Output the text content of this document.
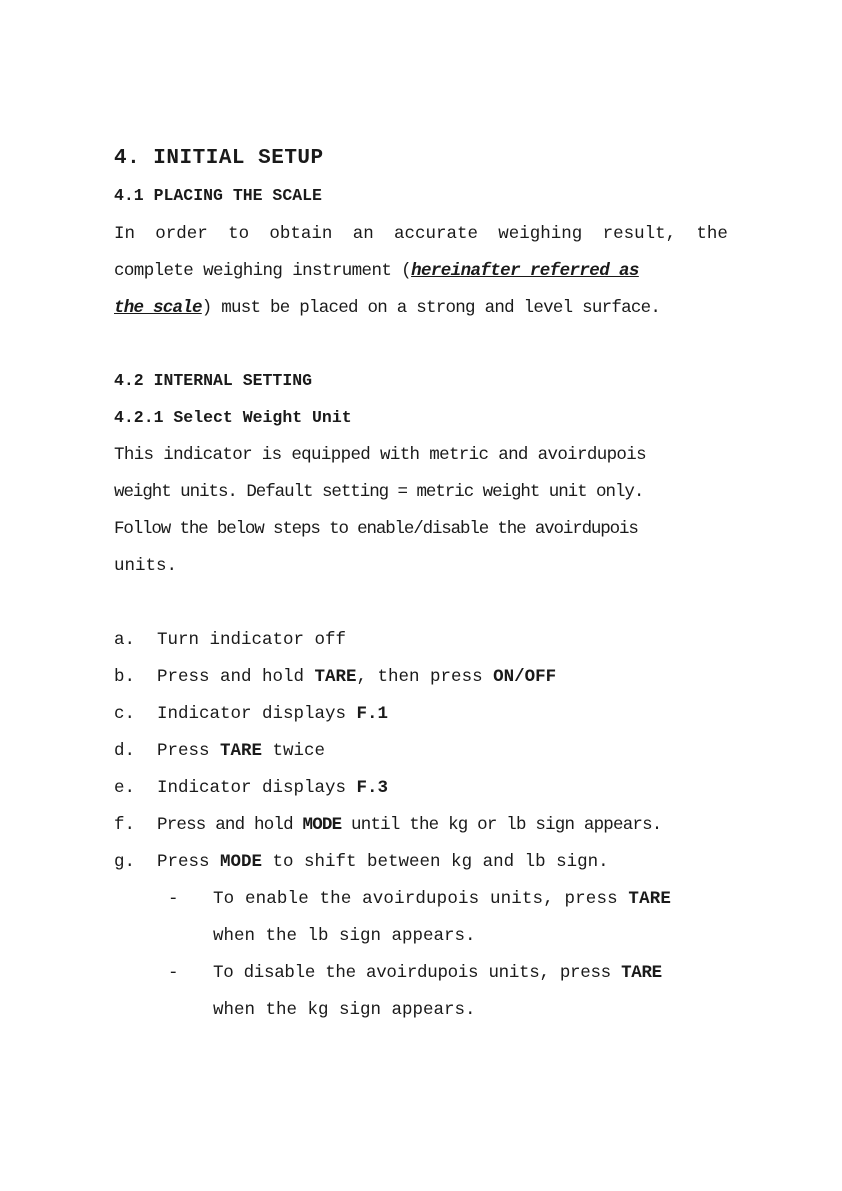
4. INITIAL SETUP
4.1 PLACING THE SCALE
In order to obtain an accurate weighing result, the
complete weighing instrument (hereinafter referred as
the scale) must be placed on a strong and level surface.
4.2 INTERNAL SETTING
4.2.1 Select Weight Unit
This indicator is equipped with metric and avoirdupois
weight units. Default setting = metric weight unit only.
Follow the below steps to enable/disable the avoirdupois
units.
a. Turn indicator off
b. Press and hold TARE, then press ON/OFF
c. Indicator displays F.1
d. Press TARE twice
e. Indicator displays F.3
f. Press and hold MODE until the kg or lb sign appears.
g. Press MODE to shift between kg and lb sign.
- To enable the avoirdupois units, press TARE
when the lb sign appears.
- To disable the avoirdupois units, press TARE
when the kg sign appears.
